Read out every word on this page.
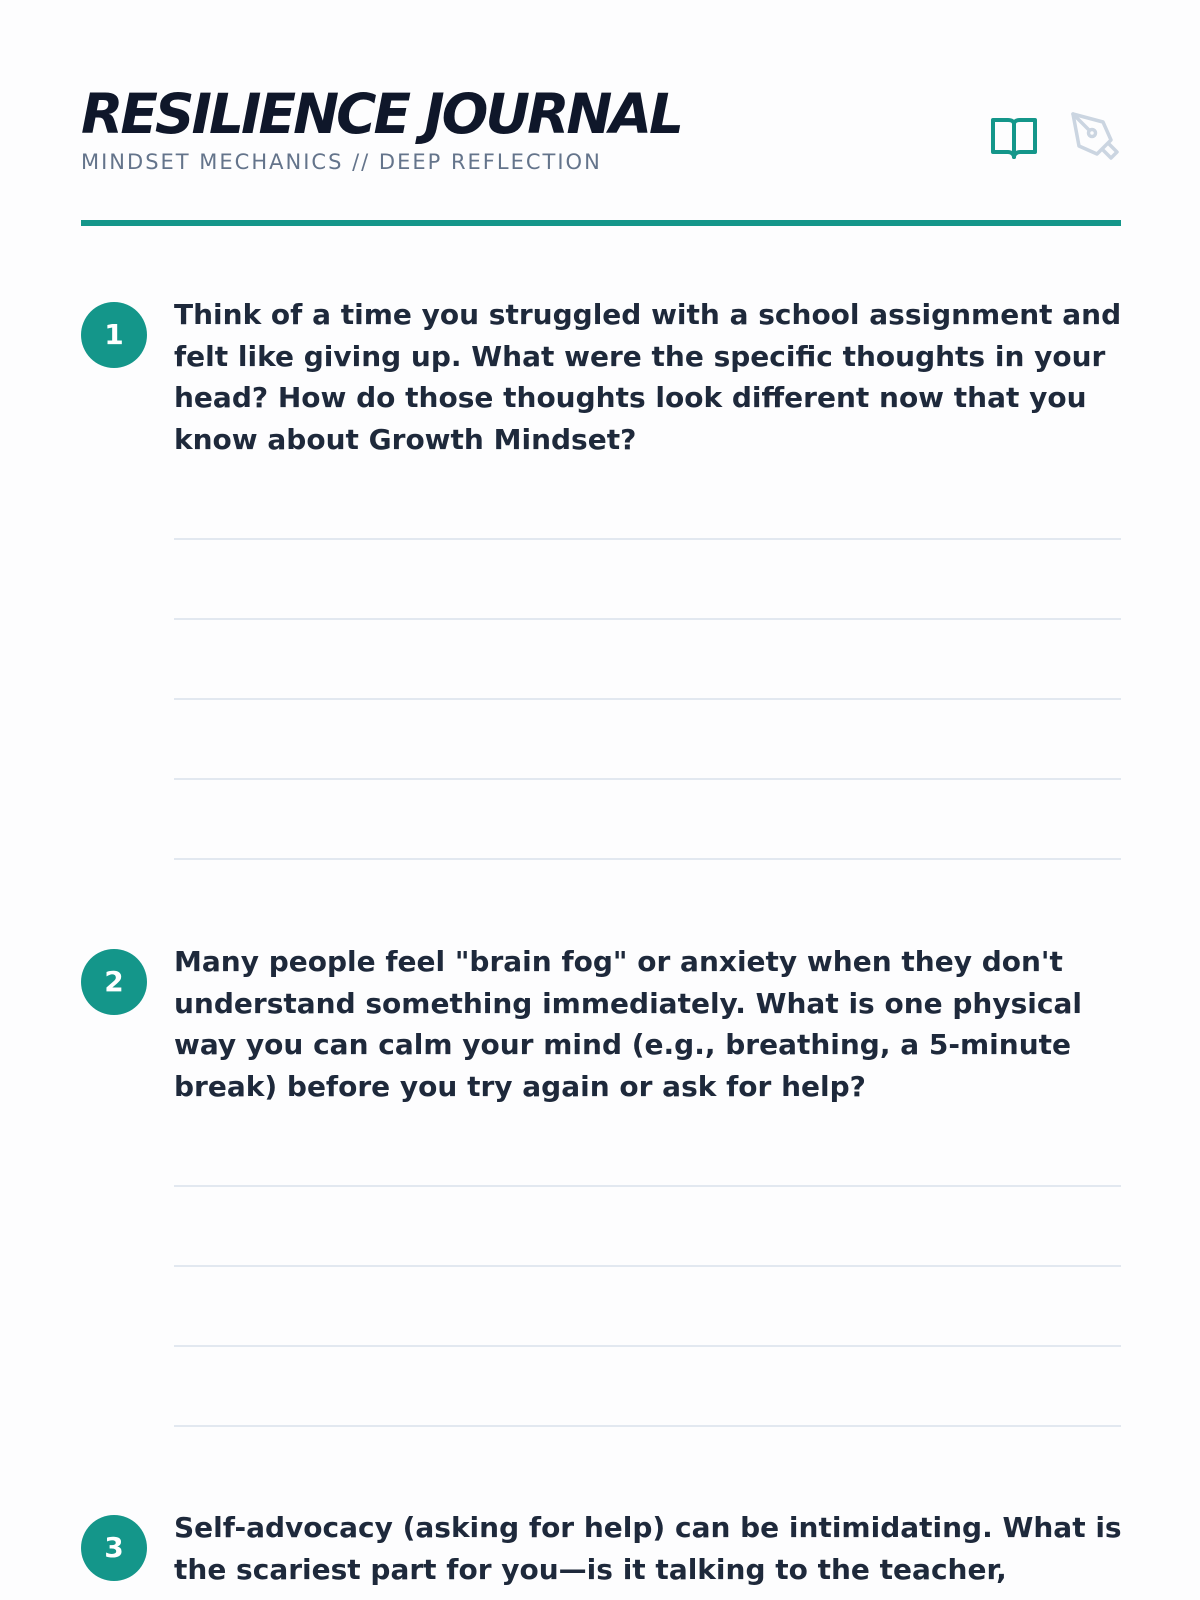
RESILIENCE JOURNAL
MINDSET MECHANICS // DEEP REFLECTION
1
Think of a time you struggled with a school assignment and felt like giving up. What were the specific thoughts in your head? How do those thoughts look different now that you know about Growth Mindset?
2
Many people feel "brain fog" or anxiety when they don't understand something immediately. What is one physical way you can calm your mind (e.g., breathing, a 5-minute break) before you try again or ask for help?
3
Self-advocacy (asking for help) can be intimidating. What is the scariest part for you—is it talking to the teacher,
